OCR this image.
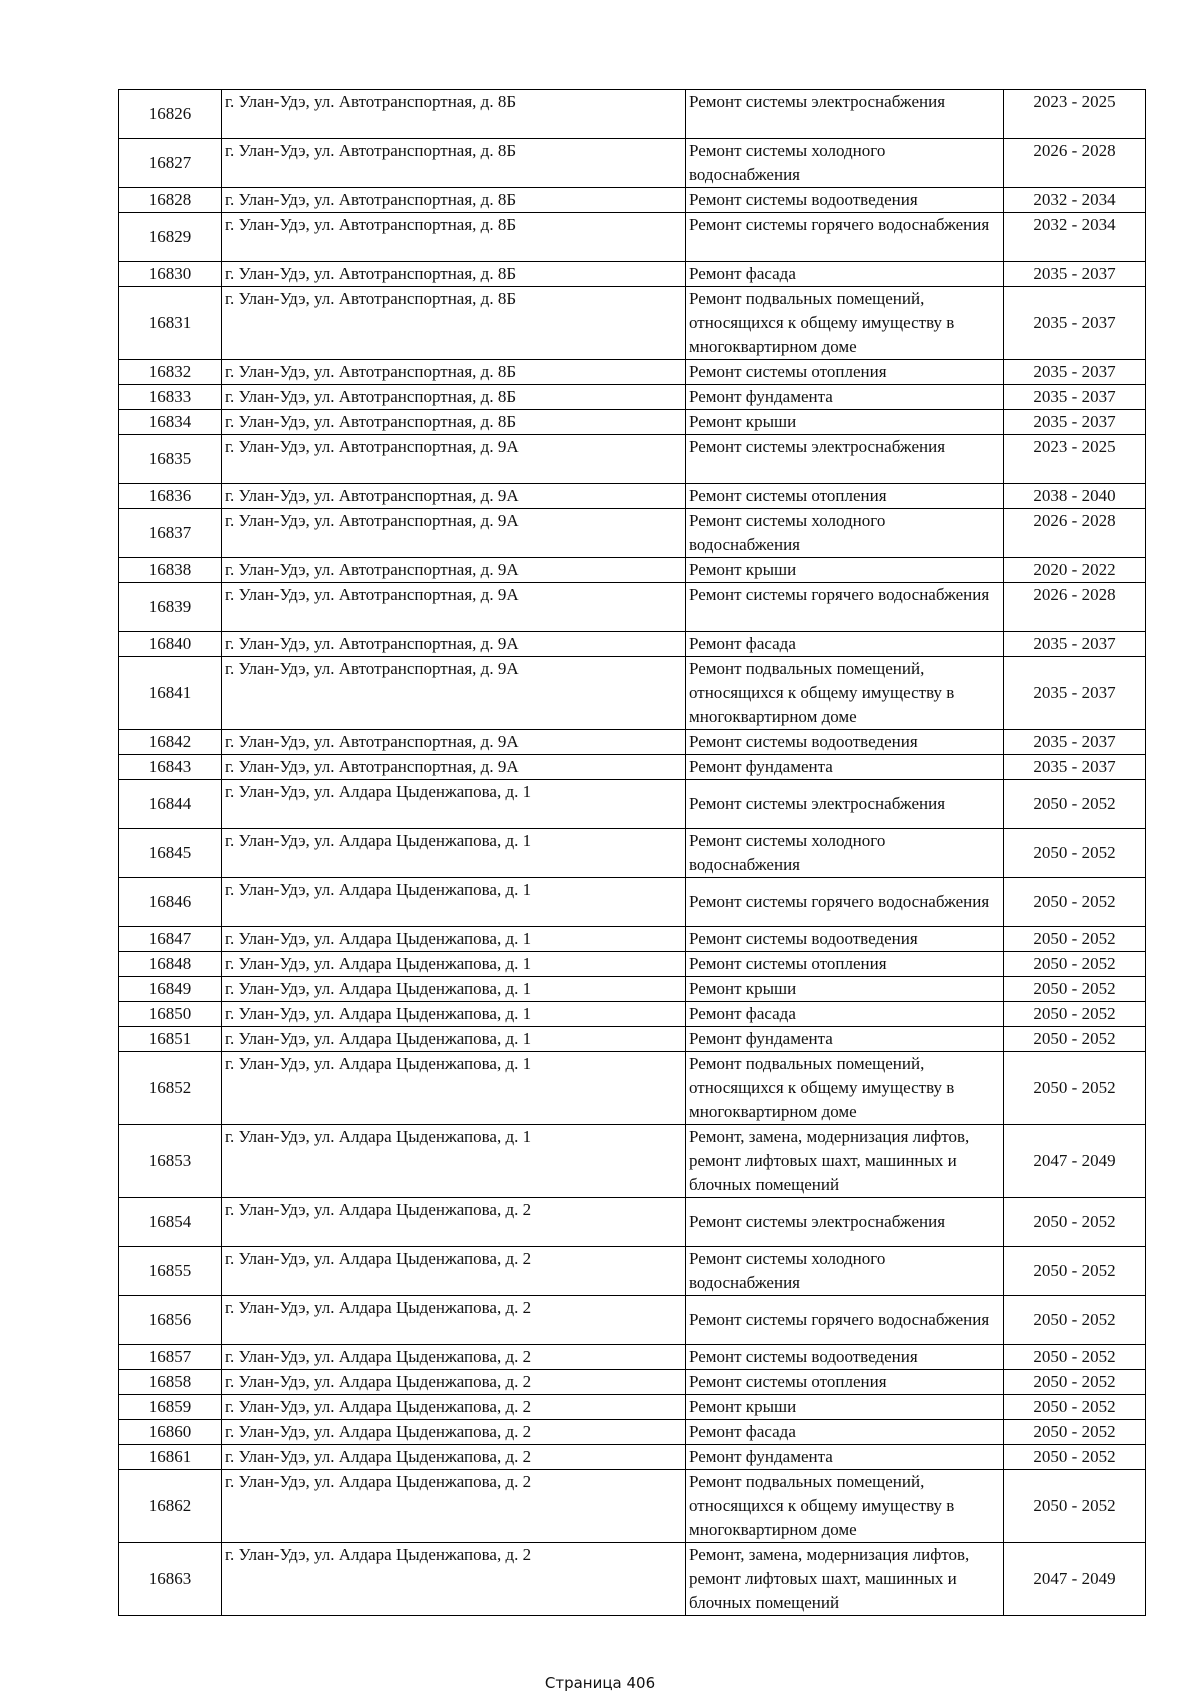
16826	г. Улан-Удэ, ул. Автотранспортная, д. 8Б	Ремонт системы электроснабжения	2023 - 2025
16827	г. Улан-Удэ, ул. Автотранспортная, д. 8Б	Ремонт системы холодного водоснабжения	2026 - 2028
16828	г. Улан-Удэ, ул. Автотранспортная, д. 8Б	Ремонт системы водоотведения	2032 - 2034
16829	г. Улан-Удэ, ул. Автотранспортная, д. 8Б	Ремонт системы горячего водоснабжения	2032 - 2034
16830	г. Улан-Удэ, ул. Автотранспортная, д. 8Б	Ремонт фасада	2035 - 2037
16831	г. Улан-Удэ, ул. Автотранспортная, д. 8Б	Ремонт подвальных помещений, относящихся к общему имуществу в многоквартирном доме	2035 - 2037
16832	г. Улан-Удэ, ул. Автотранспортная, д. 8Б	Ремонт системы отопления	2035 - 2037
16833	г. Улан-Удэ, ул. Автотранспортная, д. 8Б	Ремонт фундамента	2035 - 2037
16834	г. Улан-Удэ, ул. Автотранспортная, д. 8Б	Ремонт крыши	2035 - 2037
16835	г. Улан-Удэ, ул. Автотранспортная, д. 9А	Ремонт системы электроснабжения	2023 - 2025
16836	г. Улан-Удэ, ул. Автотранспортная, д. 9А	Ремонт системы отопления	2038 - 2040
16837	г. Улан-Удэ, ул. Автотранспортная, д. 9А	Ремонт системы холодного водоснабжения	2026 - 2028
16838	г. Улан-Удэ, ул. Автотранспортная, д. 9А	Ремонт крыши	2020 - 2022
16839	г. Улан-Удэ, ул. Автотранспортная, д. 9А	Ремонт системы горячего водоснабжения	2026 - 2028
16840	г. Улан-Удэ, ул. Автотранспортная, д. 9А	Ремонт фасада	2035 - 2037
16841	г. Улан-Удэ, ул. Автотранспортная, д. 9А	Ремонт подвальных помещений, относящихся к общему имуществу в многоквартирном доме	2035 - 2037
16842	г. Улан-Удэ, ул. Автотранспортная, д. 9А	Ремонт системы водоотведения	2035 - 2037
16843	г. Улан-Удэ, ул. Автотранспортная, д. 9А	Ремонт фундамента	2035 - 2037
16844	г. Улан-Удэ, ул. Алдара Цыденжапова, д. 1	Ремонт системы электроснабжения	2050 - 2052
16845	г. Улан-Удэ, ул. Алдара Цыденжапова, д. 1	Ремонт системы холодного водоснабжения	2050 - 2052
16846	г. Улан-Удэ, ул. Алдара Цыденжапова, д. 1	Ремонт системы горячего водоснабжения	2050 - 2052
16847	г. Улан-Удэ, ул. Алдара Цыденжапова, д. 1	Ремонт системы водоотведения	2050 - 2052
16848	г. Улан-Удэ, ул. Алдара Цыденжапова, д. 1	Ремонт системы отопления	2050 - 2052
16849	г. Улан-Удэ, ул. Алдара Цыденжапова, д. 1	Ремонт крыши	2050 - 2052
16850	г. Улан-Удэ, ул. Алдара Цыденжапова, д. 1	Ремонт фасада	2050 - 2052
16851	г. Улан-Удэ, ул. Алдара Цыденжапова, д. 1	Ремонт фундамента	2050 - 2052
16852	г. Улан-Удэ, ул. Алдара Цыденжапова, д. 1	Ремонт подвальных помещений, относящихся к общему имуществу в многоквартирном доме	2050 - 2052
16853	г. Улан-Удэ, ул. Алдара Цыденжапова, д. 1	Ремонт, замена, модернизация лифтов, ремонт лифтовых шахт, машинных и блочных помещений	2047 - 2049
16854	г. Улан-Удэ, ул. Алдара Цыденжапова, д. 2	Ремонт системы электроснабжения	2050 - 2052
16855	г. Улан-Удэ, ул. Алдара Цыденжапова, д. 2	Ремонт системы холодного водоснабжения	2050 - 2052
16856	г. Улан-Удэ, ул. Алдара Цыденжапова, д. 2	Ремонт системы горячего водоснабжения	2050 - 2052
16857	г. Улан-Удэ, ул. Алдара Цыденжапова, д. 2	Ремонт системы водоотведения	2050 - 2052
16858	г. Улан-Удэ, ул. Алдара Цыденжапова, д. 2	Ремонт системы отопления	2050 - 2052
16859	г. Улан-Удэ, ул. Алдара Цыденжапова, д. 2	Ремонт крыши	2050 - 2052
16860	г. Улан-Удэ, ул. Алдара Цыденжапова, д. 2	Ремонт фасада	2050 - 2052
16861	г. Улан-Удэ, ул. Алдара Цыденжапова, д. 2	Ремонт фундамента	2050 - 2052
16862	г. Улан-Удэ, ул. Алдара Цыденжапова, д. 2	Ремонт подвальных помещений, относящихся к общему имуществу в многоквартирном доме	2050 - 2052
16863	г. Улан-Удэ, ул. Алдара Цыденжапова, д. 2	Ремонт, замена, модернизация лифтов, ремонт лифтовых шахт, машинных и блочных помещений	2047 - 2049
Страница 406
